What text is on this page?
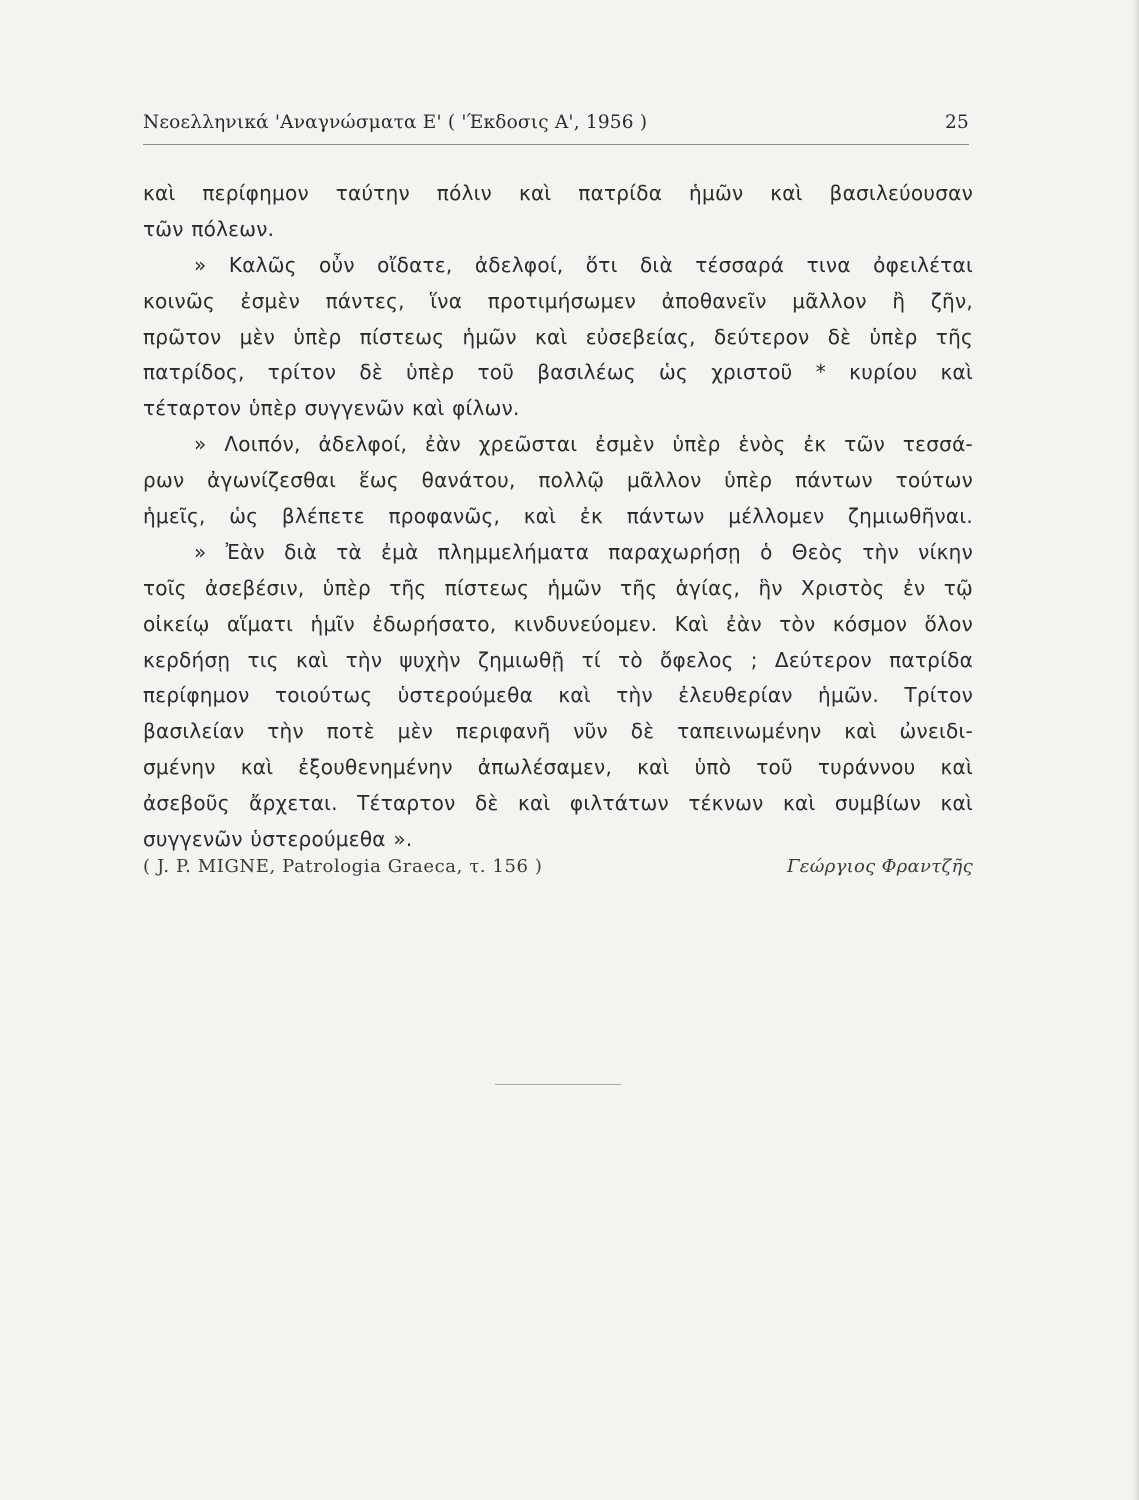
Νεοελληνικά 'Αναγνώσματα Ε' ( 'Έκδοσις Α', 1956 )	25
καὶ περίφημον ταύτην πόλιν καὶ πατρίδα ἡμῶν καὶ βασιλεύουσαν
τῶν πόλεων.
» Καλῶς οὖν οἴδατε, ἀδελφοί, ὅτι διὰ τέσσαρά τινα ὀφειλέται
κοινῶς ἐσμὲν πάντες, ἵνα προτιμήσωμεν ἀποθανεῖν μᾶλλον ἢ ζῆν,
πρῶτον μὲν ὑπὲρ πίστεως ἡμῶν καὶ εὐσεβείας, δεύτερον δὲ ὑπὲρ τῆς
πατρίδος, τρίτον δὲ ὑπὲρ τοῦ βασιλέως ὡς χριστοῦ * κυρίου καὶ
τέταρτον ὑπὲρ συγγενῶν καὶ φίλων.
» Λοιπόν, ἀδελφοί, ἐὰν χρεῶσται ἐσμὲν ὑπὲρ ἑνὸς ἐκ τῶν τεσσά-
ρων ἀγωνίζεσθαι ἕως θανάτου, πολλῷ μᾶλλον ὑπὲρ πάντων τούτων
ἡμεῖς, ὡς βλέπετε προφανῶς, καὶ ἐκ πάντων μέλλομεν ζημιωθῆναι.
» Ἐὰν διὰ τὰ ἐμὰ πλημμελήματα παραχωρήσῃ ὁ Θεὸς τὴν νίκην
τοῖς ἀσεβέσιν, ὑπὲρ τῆς πίστεως ἡμῶν τῆς ἁγίας, ἣν Χριστὸς ἐν τῷ
οἰκείῳ αἵματι ἡμῖν ἐδωρήσατο, κινδυνεύομεν. Καὶ ἐὰν τὸν κόσμον ὅλον
κερδήσῃ τις καὶ τὴν ψυχὴν ζημιωθῇ τί τὸ ὄφελος ; Δεύτερον πατρίδα
περίφημον τοιούτως ὑστερούμεθα καὶ τὴν ἐλευθερίαν ἡμῶν. Τρίτον
βασιλείαν τὴν ποτὲ μὲν περιφανῆ νῦν δὲ ταπεινωμένην καὶ ὠνειδι-
σμένην καὶ ἐξουθενημένην ἀπωλέσαμεν, καὶ ὑπὸ τοῦ τυράννου καὶ
ἀσεβοῦς ἄρχεται. Τέταρτον δὲ καὶ φιλτάτων τέκνων καὶ συμβίων καὶ
συγγενῶν ὑστερούμεθα ».
( J. P. MIGNE, Patrologia Graeca, τ. 156 )	Γεώργιος Φραντζῆς
